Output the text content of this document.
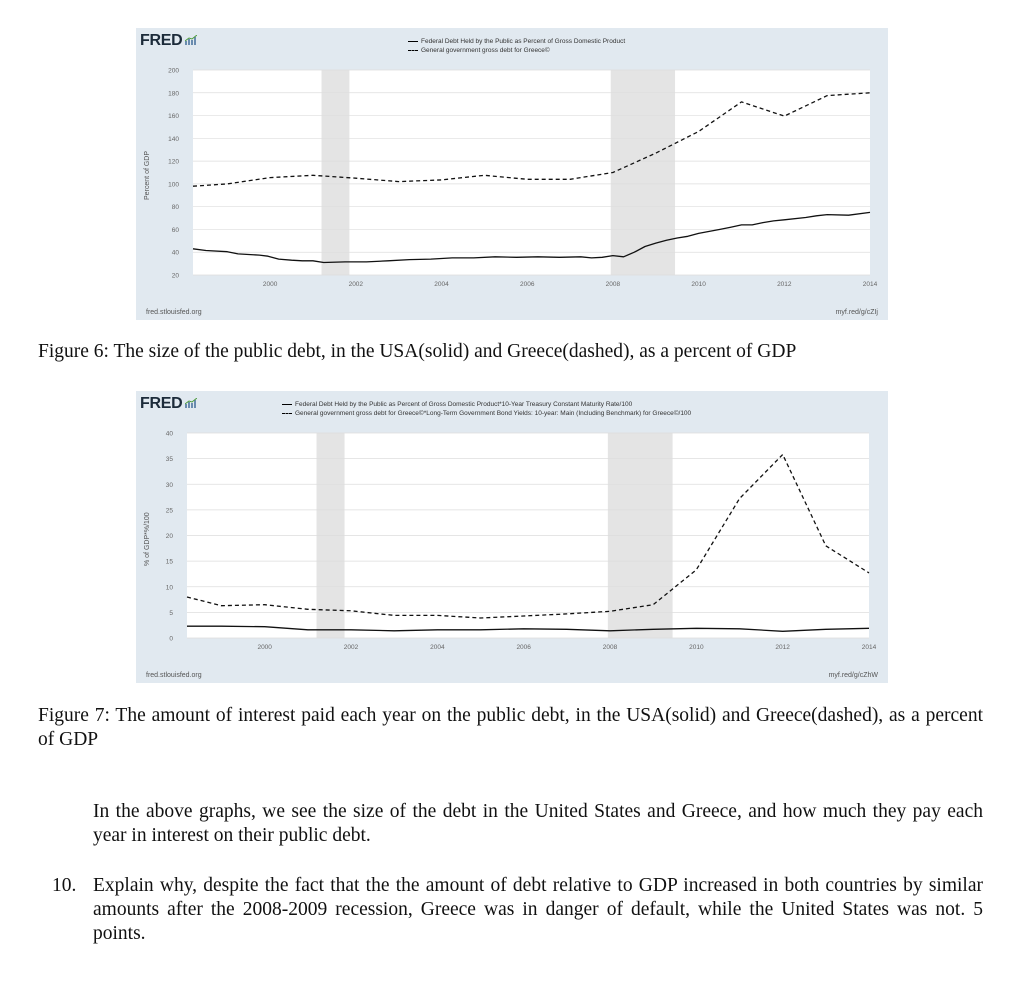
FRED	Federal Debt Held by the Public as Percent of Gross Domestic Product
General government gross debt for Greece©
Percent of GDP
20
40
60
80
100
120
140
160
180
200
2000	2002	2004	2006	2008	2010	2012	2014
fred.stlouisfed.org	myf.red/g/cZIj
Figure 6: The size of the public debt, in the USA(solid) and Greece(dashed), as a percent of GDP
FRED	Federal Debt Held by the Public as Percent of Gross Domestic Product*10-Year Treasury Constant Maturity Rate/100
General government gross debt for Greece©*Long-Term Government Bond Yields: 10-year: Main (Including Benchmark) for Greece©/100
% of GDP*%/100
0
5
10
15
20
25
30
35
40
2000	2002	2004	2006	2008	2010	2012	2014
fred.stlouisfed.org	myf.red/g/cZhW
Figure 7: The amount of interest paid each year on the public debt, in the USA(solid) and Greece(dashed), as a percent of GDP
In the above graphs, we see the size of the debt in the United States and Greece, and how much they pay each year in interest on their public debt.
10. Explain why, despite the fact that the the amount of debt relative to GDP increased in both countries by similar amounts after the 2008-2009 recession, Greece was in danger of default, while the United States was not. 5 points.
